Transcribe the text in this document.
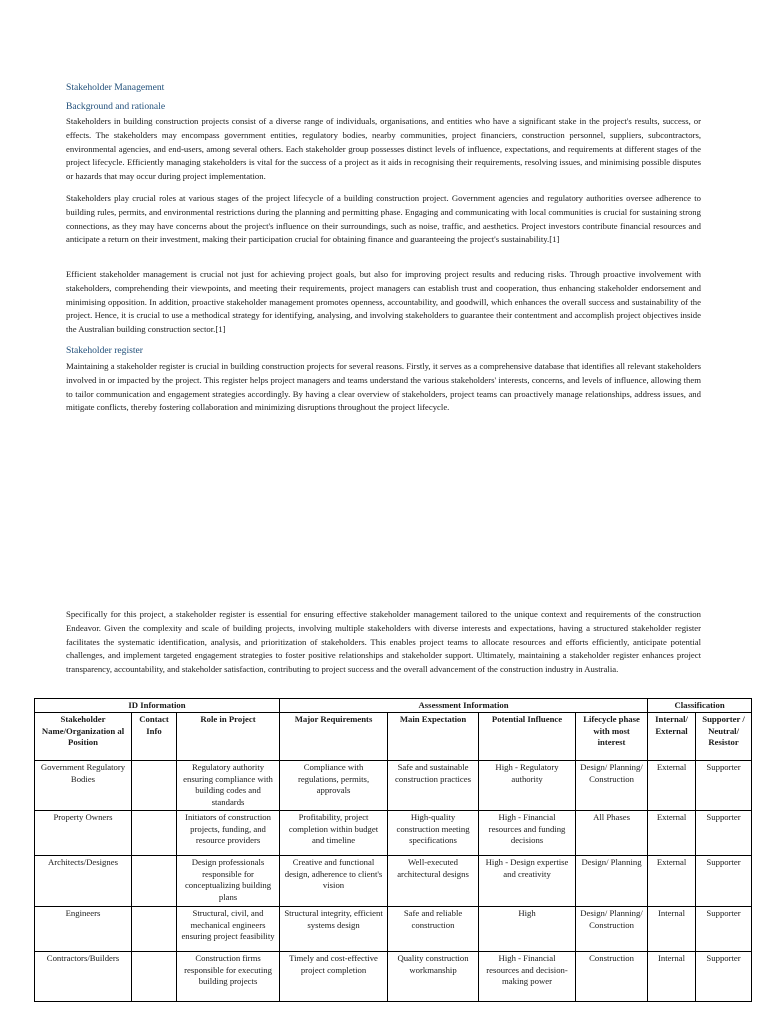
Stakeholder Management

Background and rationale

Stakeholders in building construction projects consist of a diverse range of individuals, organisations, and entities who have a significant stake in the project's results, success, or effects. The stakeholders may encompass government entities, regulatory bodies, nearby communities, project financiers, construction personnel, suppliers, subcontractors, environmental agencies, and end-users, among several others. Each stakeholder group possesses distinct levels of influence, expectations, and requirements at different stages of the project lifecycle. Efficiently managing stakeholders is vital for the success of a project as it aids in recognising their requirements, resolving issues, and minimising possible disputes or hazards that may occur during project implementation.

Stakeholders play crucial roles at various stages of the project lifecycle of a building construction project. Government agencies and regulatory authorities oversee adherence to building rules, permits, and environmental restrictions during the planning and permitting phase. Engaging and communicating with local communities is crucial for sustaining strong connections, as they may have concerns about the project's influence on their surroundings, such as noise, traffic, and aesthetics. Project investors contribute financial resources and anticipate a return on their investment, making their participation crucial for obtaining finance and guaranteeing the project's sustainability.[1]

Efficient stakeholder management is crucial not just for achieving project goals, but also for improving project results and reducing risks. Through proactive involvement with stakeholders, comprehending their viewpoints, and meeting their requirements, project managers can establish trust and cooperation, thus enhancing stakeholder endorsement and minimising opposition. In addition, proactive stakeholder management promotes openness, accountability, and goodwill, which enhances the overall success and sustainability of the project. Hence, it is crucial to use a methodical strategy for identifying, analysing, and involving stakeholders to guarantee their contentment and accomplish project objectives inside the Australian building construction sector.[1]

Stakeholder register

Maintaining a stakeholder register is crucial in building construction projects for several reasons. Firstly, it serves as a comprehensive database that identifies all relevant stakeholders involved in or impacted by the project. This register helps project managers and teams understand the various stakeholders' interests, concerns, and levels of influence, allowing them to tailor communication and engagement strategies accordingly. By having a clear overview of stakeholders, project teams can proactively manage relationships, address issues, and mitigate conflicts, thereby fostering collaboration and minimizing disruptions throughout the project lifecycle.

Specifically for this project, a stakeholder register is essential for ensuring effective stakeholder management tailored to the unique context and requirements of the construction Endeavor. Given the complexity and scale of building projects, involving multiple stakeholders with diverse interests and expectations, having a structured stakeholder register facilitates the systematic identification, analysis, and prioritization of stakeholders. This enables project teams to allocate resources and efforts efficiently, anticipate potential challenges, and implement targeted engagement strategies to foster positive relationships and stakeholder support. Ultimately, maintaining a stakeholder register enhances project transparency, accountability, and stakeholder satisfaction, contributing to project success and the overall advancement of the construction industry in Australia.

ID Information			Assessment Information				Classification	
Stakeholder Name/Organization al Position	Contact Info	Role in Project	Major Requirements	Main Expectation	Potential Influence	Lifecycle phase with most interest	Internal/ External	Supporter / Neutral/ Resistor
Government Regulatory Bodies		Regulatory authority ensuring compliance with building codes and standards	Compliance with regulations, permits, approvals	Safe and sustainable construction practices	High - Regulatory authority	Design/ Planning/ Construction	External	Supporter
Property Owners		Initiators of construction projects, funding, and resource providers	Profitability, project completion within budget and timeline	High-quality construction meeting specifications	High - Financial resources and funding decisions	All Phases	External	Supporter
Architects/Designes		Design professionals responsible for conceptualizing building plans	Creative and functional design, adherence to client's vision	Well-executed architectural designs	High - Design expertise and creativity	Design/ Planning	External	Supporter
Engineers		Structural, civil, and mechanical engineers ensuring project feasibility	Structural integrity, efficient systems design	Safe and reliable construction	High	Design/ Planning/ Construction	Internal	Supporter
Contractors/Builders		Construction firms responsible for executing building projects	Timely and cost-effective project completion	Quality construction workmanship	High - Financial resources and decision-making power	Construction	Internal	Supporter
